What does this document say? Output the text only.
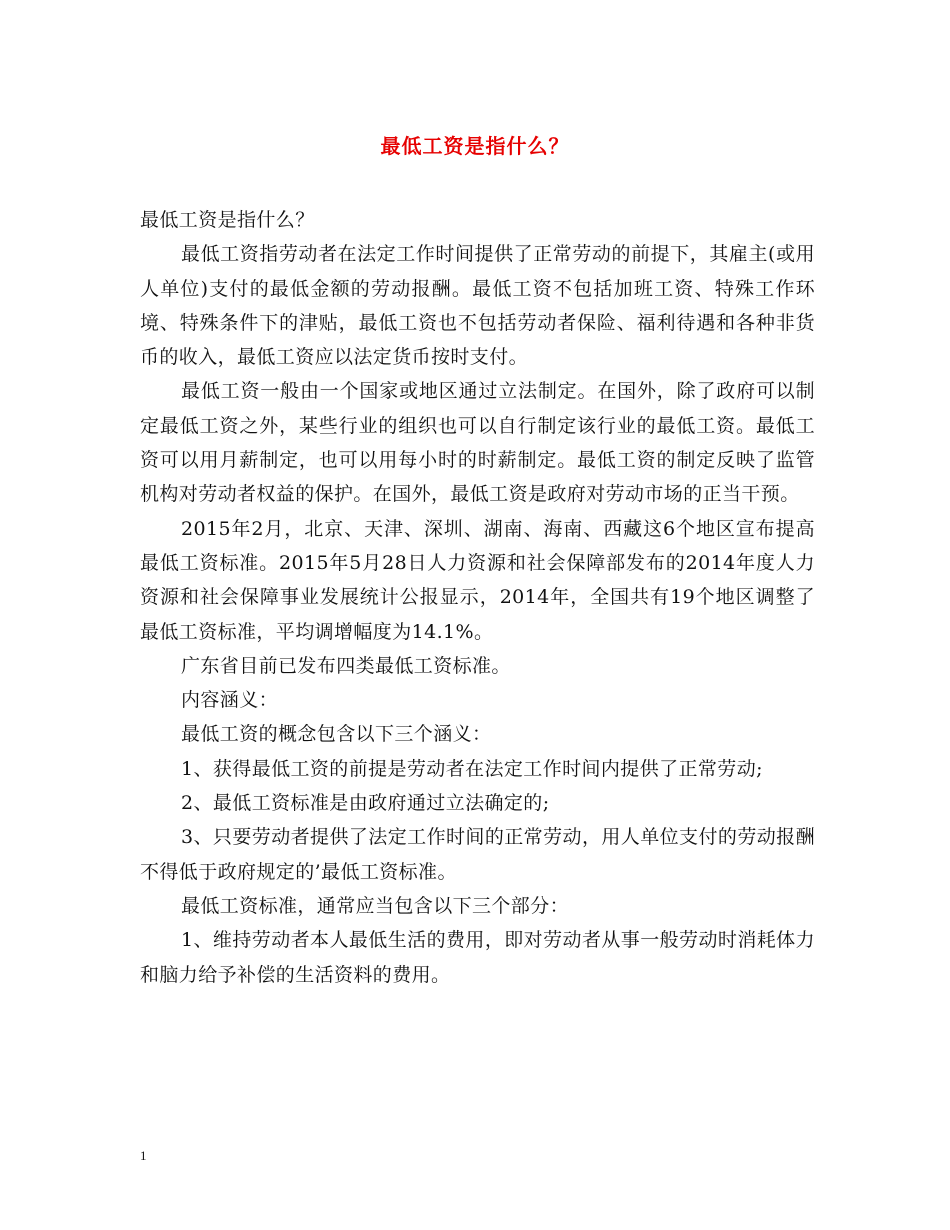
最低工资是指什么？

最低工资是指什么？

最低工资指劳动者在法定工作时间提供了正常劳动的前提下，其雇主(或用人单位)支付的最低金额的劳动报酬。最低工资不包括加班工资、特殊工作环境、特殊条件下的津贴，最低工资也不包括劳动者保险、福利待遇和各种非货币的收入，最低工资应以法定货币按时支付。

最低工资一般由一个国家或地区通过立法制定。在国外，除了政府可以制定最低工资之外，某些行业的组织也可以自行制定该行业的最低工资。最低工资可以用月薪制定，也可以用每小时的时薪制定。最低工资的制定反映了监管机构对劳动者权益的保护。在国外，最低工资是政府对劳动市场的正当干预。

2015年2月，北京、天津、深圳、湖南、海南、西藏这6个地区宣布提高最低工资标准。2015年5月28日人力资源和社会保障部发布的2014年度人力资源和社会保障事业发展统计公报显示，2014年，全国共有19个地区调整了最低工资标准，平均调增幅度为14.1%。

广东省目前已发布四类最低工资标准。

内容涵义：

最低工资的概念包含以下三个涵义：

1、获得最低工资的前提是劳动者在法定工作时间内提供了正常劳动;

2、最低工资标准是由政府通过立法确定的;

3、只要劳动者提供了法定工作时间的正常劳动，用人单位支付的劳动报酬不得低于政府规定的’最低工资标准。

最低工资标准，通常应当包含以下三个部分：

1、维持劳动者本人最低生活的费用，即对劳动者从事一般劳动时消耗体力和脑力给予补偿的生活资料的费用。

1
